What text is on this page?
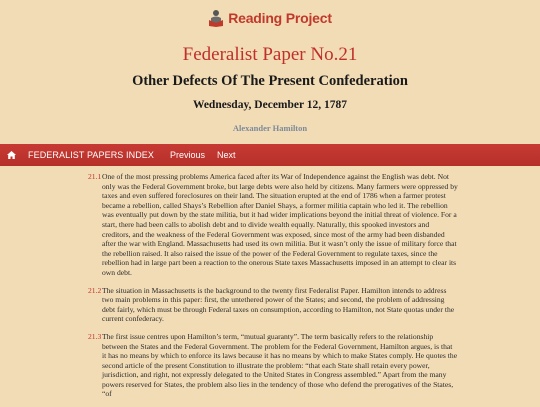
Reading Project
Federalist Paper No.21
Other Defects Of The Present Confederation
Wednesday, December 12, 1787
Alexander Hamilton
FEDERALIST PAPERS INDEX	Previous	Next
21.1 One of the most pressing problems America faced after its War of Independence against the English was debt. Not only was the Federal Government broke, but large debts were also held by citizens. Many farmers were oppressed by taxes and even suffered foreclosures on their land. The situation erupted at the end of 1786 when a farmer protest became a rebellion, called Shays’s Rebellion after Daniel Shays, a former militia captain who led it. The rebellion was eventually put down by the state militia, but it had wider implications beyond the initial threat of violence. For a start, there had been calls to abolish debt and to divide wealth equally. Naturally, this spooked investors and creditors, and the weakness of the Federal Government was exposed, since most of the army had been disbanded after the war with England. Massachusetts had used its own militia. But it wasn’t only the issue of military force that the rebellion raised. It also raised the issue of the power of the Federal Government to regulate taxes, since the rebellion had in large part been a reaction to the onerous State taxes Massachusetts imposed in an attempt to clear its own debt.
21.2 The situation in Massachusetts is the background to the twenty first Federalist Paper. Hamilton intends to address two main problems in this paper: first, the untethered power of the States; and second, the problem of addressing debt fairly, which must be through Federal taxes on consumption, according to Hamilton, not State quotas under the current confederacy.
21.3 The first issue centres upon Hamilton’s term, “mutual guaranty”. The term basically refers to the relationship between the States and the Federal Government. The problem for the Federal Government, Hamilton argues, is that it has no means by which to enforce its laws because it has no means by which to make States comply. He quotes the second article of the present Constitution to illustrate the problem: “that each State shall retain every power, jurisdiction, and right, not expressly delegated to the United States in Congress assembled.” Apart from the many powers reserved for States, the problem also lies in the tendency of those who defend the prerogatives of the States, “of
